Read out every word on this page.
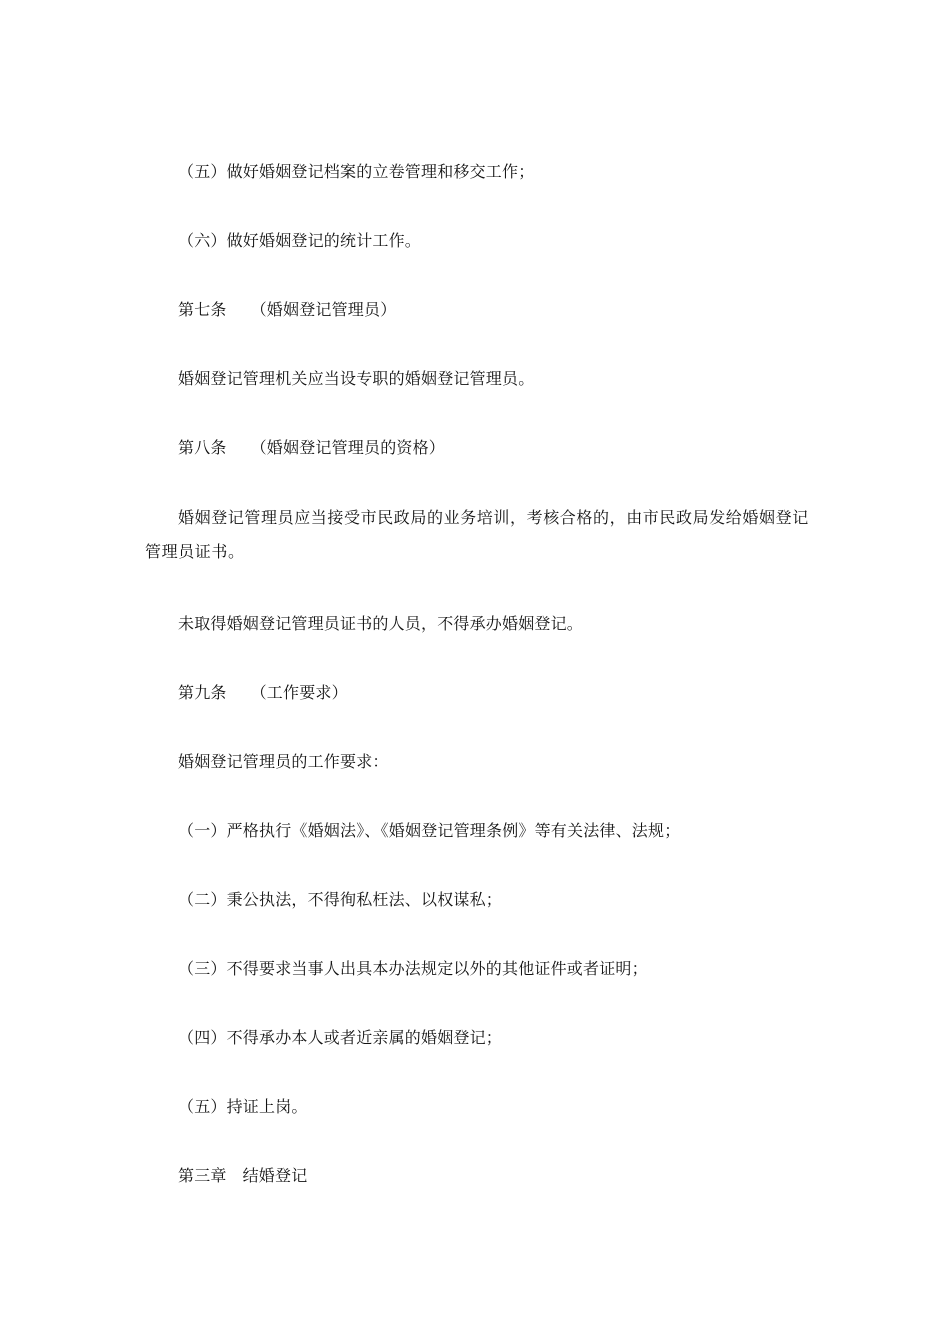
（五）做好婚姻登记档案的立卷管理和移交工作；
（六）做好婚姻登记的统计工作。
第七条 （婚姻登记管理员）
婚姻登记管理机关应当设专职的婚姻登记管理员。
第八条 （婚姻登记管理员的资格）
婚姻登记管理员应当接受市民政局的业务培训，考核合格的，由市民政局发给婚姻登记管理员证书。
未取得婚姻登记管理员证书的人员，不得承办婚姻登记。
第九条 （工作要求）
婚姻登记管理员的工作要求：
（一）严格执行《婚姻法》、《婚姻登记管理条例》等有关法律、法规；
（二）秉公执法，不得徇私枉法、以权谋私；
（三）不得要求当事人出具本办法规定以外的其他证件或者证明；
（四）不得承办本人或者近亲属的婚姻登记；
（五）持证上岗。
第三章 结婚登记
